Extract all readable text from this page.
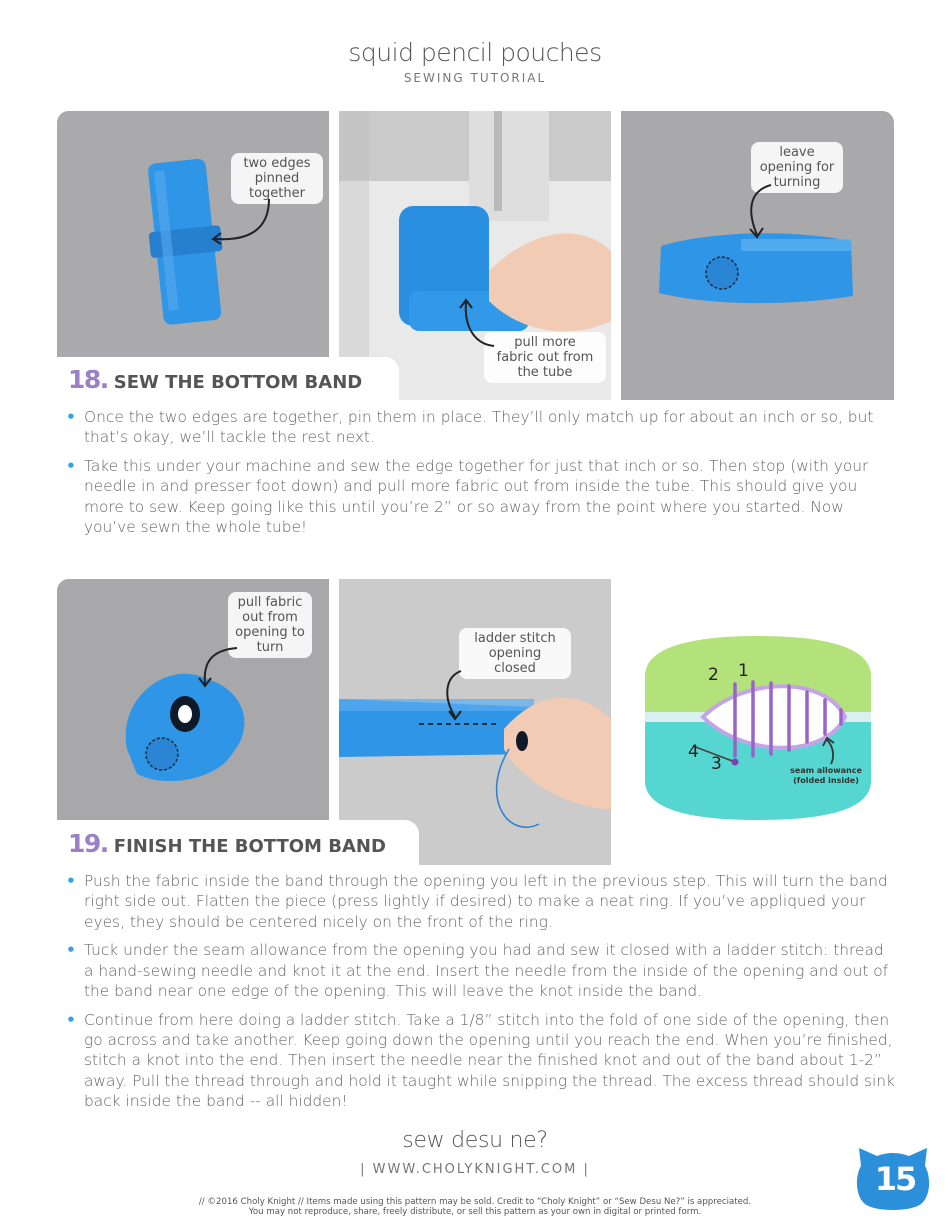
squid pencil pouches
SEWING TUTORIAL
two edges
pinned
together
pull more
fabric out from
the tube
leave
opening for
turning
18. SEW THE BOTTOM BAND
• Once the two edges are together, pin them in place. They’ll only match up for about an inch or so, but that’s okay, we’ll tackle the rest next.
• Take this under your machine and sew the edge together for just that inch or so. Then stop (with your needle in and presser foot down) and pull more fabric out from inside the tube. This should give you more to sew. Keep going like this until you’re 2” or so away from the point where you started. Now you’ve sewn the whole tube!
pull fabric
out from
opening to
turn
ladder stitch
opening
closed	2 1
4
3	seam allowance
(folded inside)
19. FINISH THE BOTTOM BAND
• Push the fabric inside the band through the opening you left in the previous step. This will turn the band right side out. Flatten the piece (press lightly if desired) to make a neat ring. If you’ve appliqued your eyes, they should be centered nicely on the front of the ring.
• Tuck under the seam allowance from the opening you had and sew it closed with a ladder stitch: thread a hand-sewing needle and knot it at the end. Insert the needle from the inside of the opening and out of the band near one edge of the opening. This will leave the knot inside the band.
• Continue from here doing a ladder stitch. Take a 1/8” stitch into the fold of one side of the opening, then go across and take another. Keep going down the opening until you reach the end. When you’re finished, stitch a knot into the end. Then insert the needle near the finished knot and out of the band about 1-2” away. Pull the thread through and hold it taught while snipping the thread. The excess thread should sink back inside the band -- all hidden!
sew desu ne?
| WWW.CHOLYKNIGHT.COM |
// ©2016 Choly Knight // Items made using this pattern may be sold. Credit to “Choly Knight” or “Sew Desu Ne?” is appreciated.
You may not reproduce, share, freely distribute, or sell this pattern as your own in digital or printed form.
15
